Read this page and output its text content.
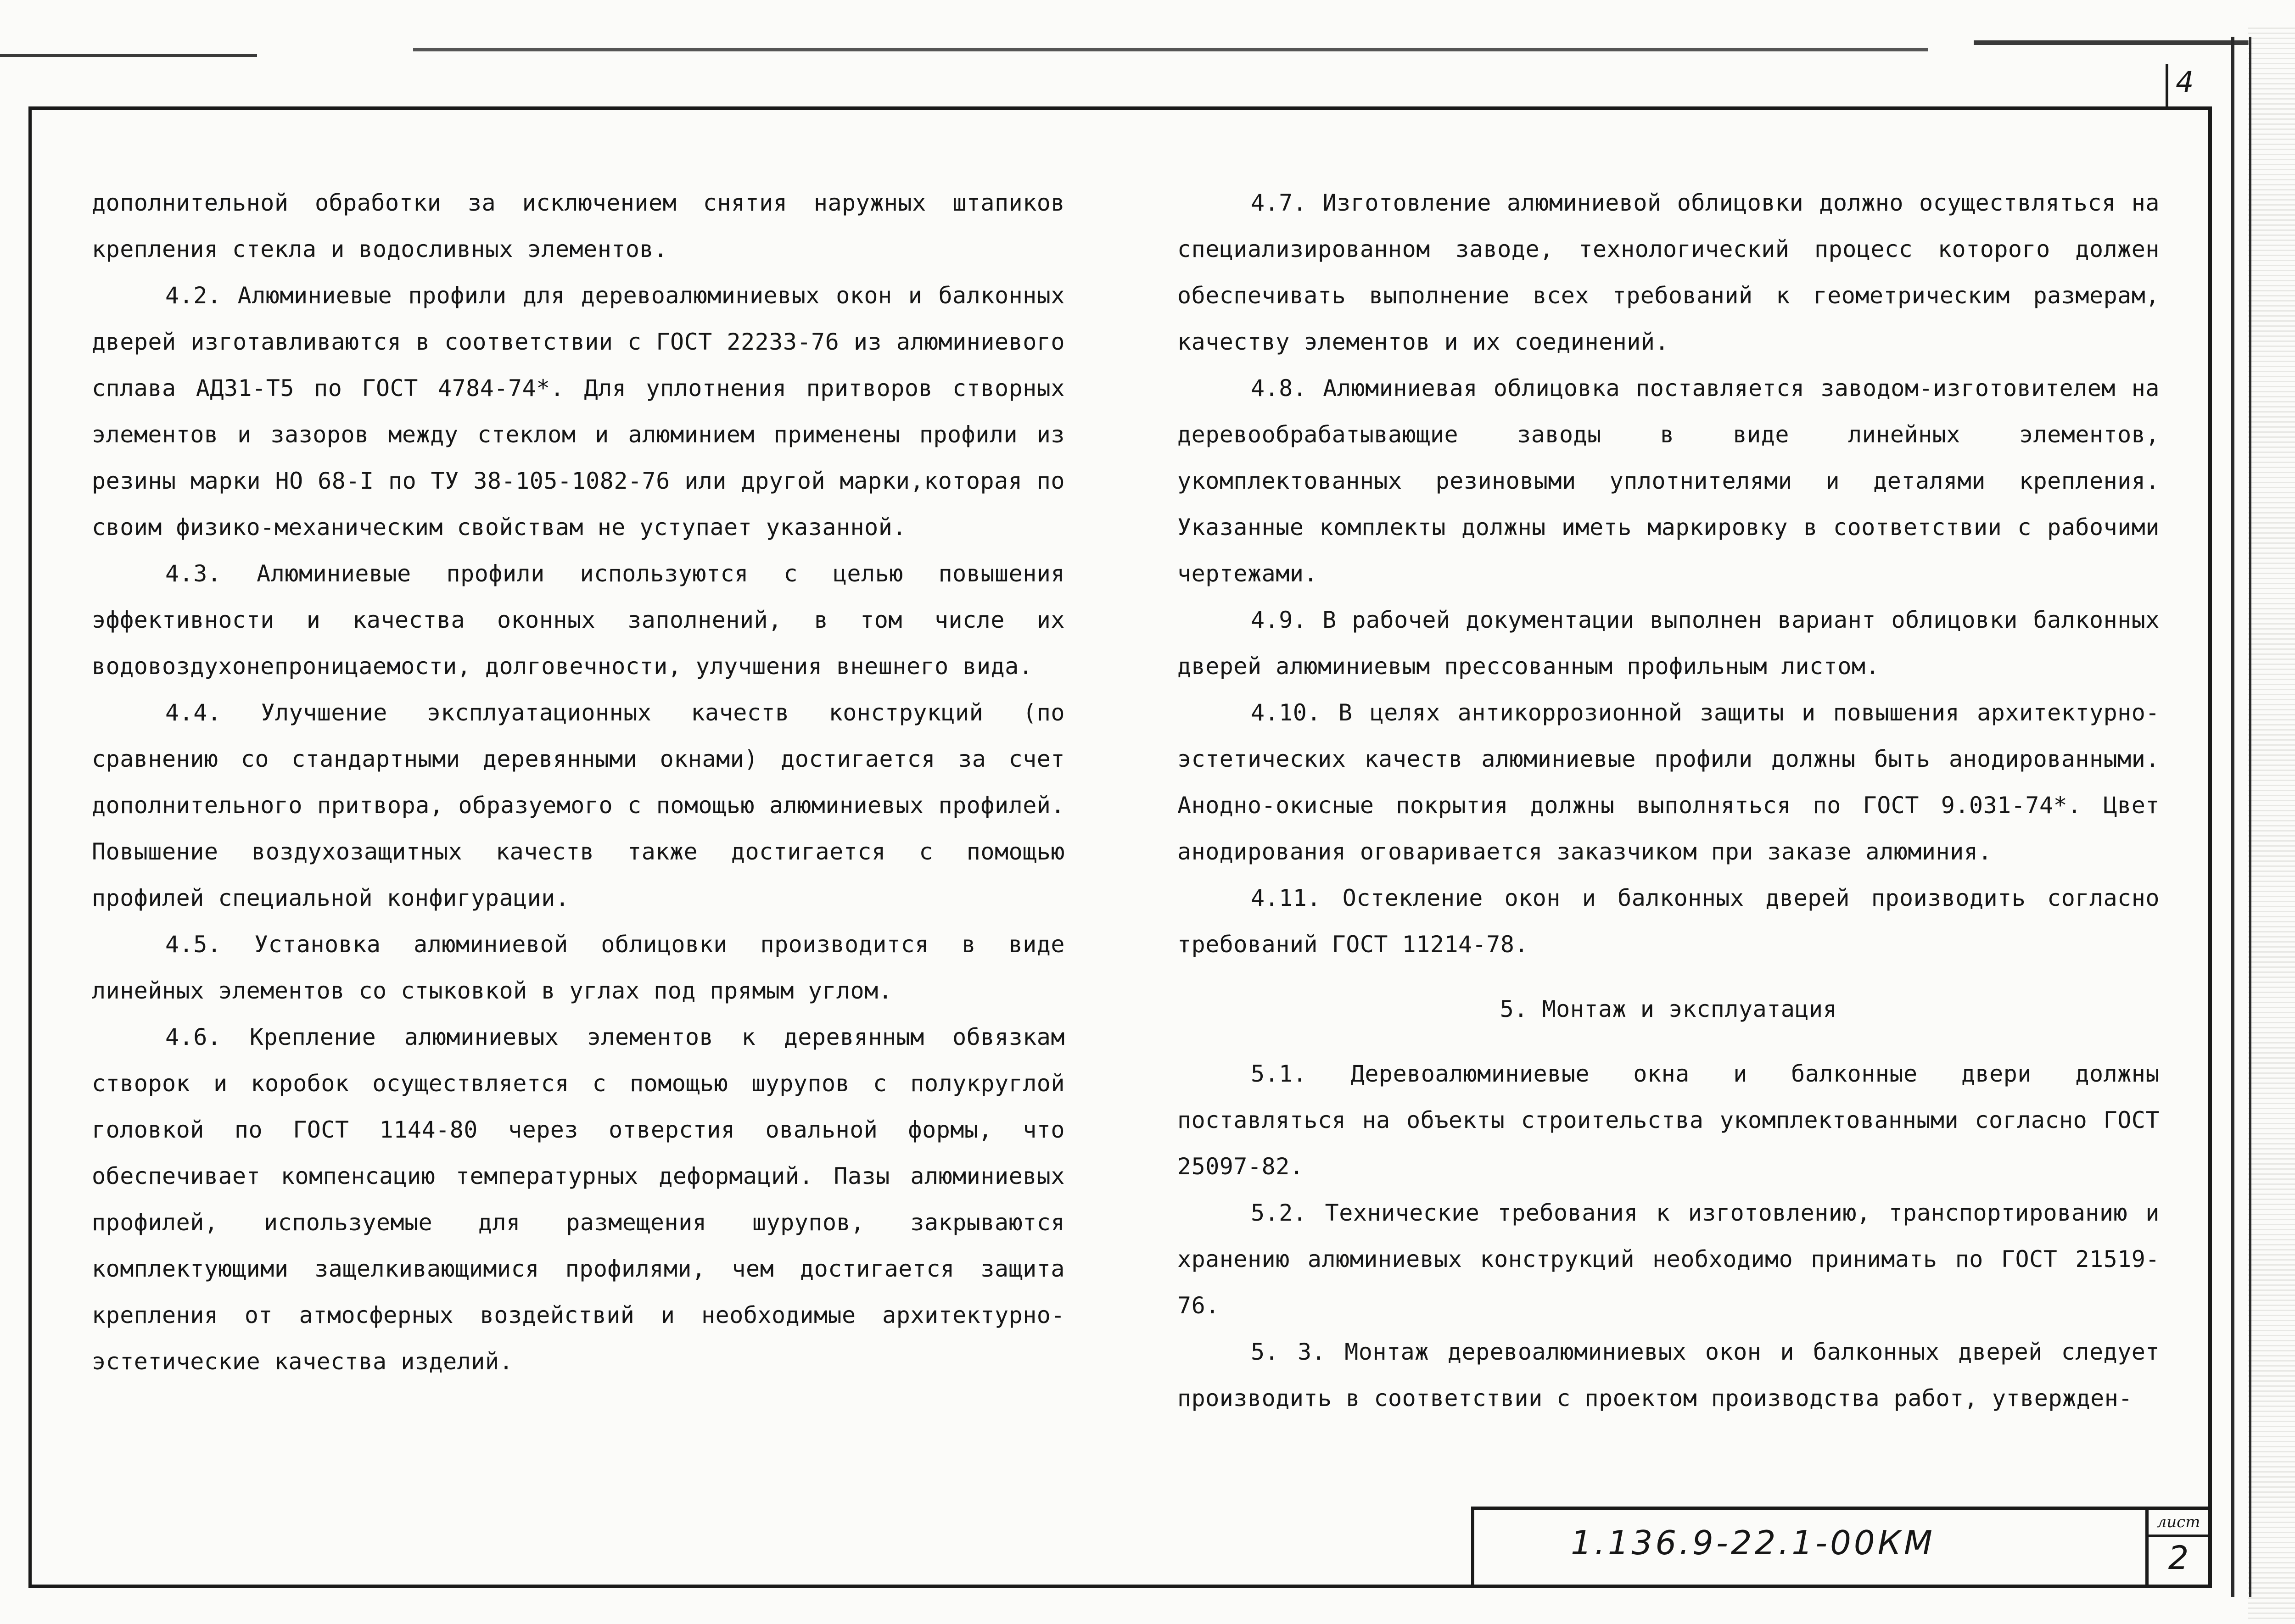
4

дополнительной обработки за исключением снятия наружных штапиков крепления стекла и водосливных элементов.

4.2. Алюминиевые профили для деревоалюминиевых окон и балконных дверей изготавливаются в соответствии с ГОСТ 22233-76 из алюминиевого сплава АДЗ1-Т5 по ГОСТ 4784-74*. Для уплотнения притворов створных элементов и зазоров между стеклом и алюминием применены профили из резины марки НО 68-I по ТУ 38-105-1082-76 или другой марки,которая по своим физико-механическим свойствам не уступает указанной.

4.3. Алюминиевые профили используются с целью повышения эффективности и качества оконных заполнений, в том числе их водовоздухонепроницаемости, долговечности, улучшения внешнего вида.

4.4. Улучшение эксплуатационных качеств конструкций (по сравнению со стандартными деревянными окнами) достигается за счет дополнительного притвора, образуемого с помощью алюминиевых профилей. Повышение воздухозащитных качеств также достигается с помощью профилей специальной конфигурации.

4.5. Установка алюминиевой облицовки производится в виде линейных элементов со стыковкой в углах под прямым углом.

4.6. Крепление алюминиевых элементов к деревянным обвязкам створок и коробок осуществляется с помощью шурупов с полукруглой головкой по ГОСТ 1144-80 через отверстия овальной формы, что обеспечивает компенсацию температурных деформаций. Пазы алюминиевых профилей, используемые для размещения шурупов, закрываются комплектующими защелкивающимися профилями, чем достигается защита крепления от атмосферных воздействий и необходимые архитектурно-эстетические качества изделий.

4.7. Изготовление алюминиевой облицовки должно осуществляться на специализированном заводе, технологический процесс которого должен обеспечивать выполнение всех требований к геометрическим размерам, качеству элементов и их соединений.

4.8. Алюминиевая облицовка поставляется заводом-изготовителем на деревообрабатывающие заводы в виде линейных элементов, укомплектованных резиновыми уплотнителями и деталями крепления. Указанные комплекты должны иметь маркировку в соответствии с рабочими чертежами.

4.9. В рабочей документации выполнен вариант облицовки балконных дверей алюминиевым прессованным профильным листом.

4.10. В целях антикоррозионной защиты и повышения архитектурно-эстетических качеств алюминиевые профили должны быть анодированными. Анодно-окисные покрытия должны выполняться по ГОСТ 9.031-74*. Цвет анодирования оговаривается заказчиком при заказе алюминия.

4.11. Остекление окон и балконных дверей производить согласно требований ГОСТ 11214-78.

5. Монтаж и эксплуатация

5.1. Деревоалюминиевые окна и балконные двери должны поставляться на объекты строительства укомплектованными согласно ГОСТ 25097-82.

5.2. Технические требования к изготовлению, транспортированию и хранению алюминиевых конструкций необходимо принимать по ГОСТ 21519-76.

5. 3. Монтаж деревоалюминиевых окон и балконных дверей следует производить в соответствии с проектом производства работ, утвержден-

1.136.9-22.1-00КМ
лист
2
